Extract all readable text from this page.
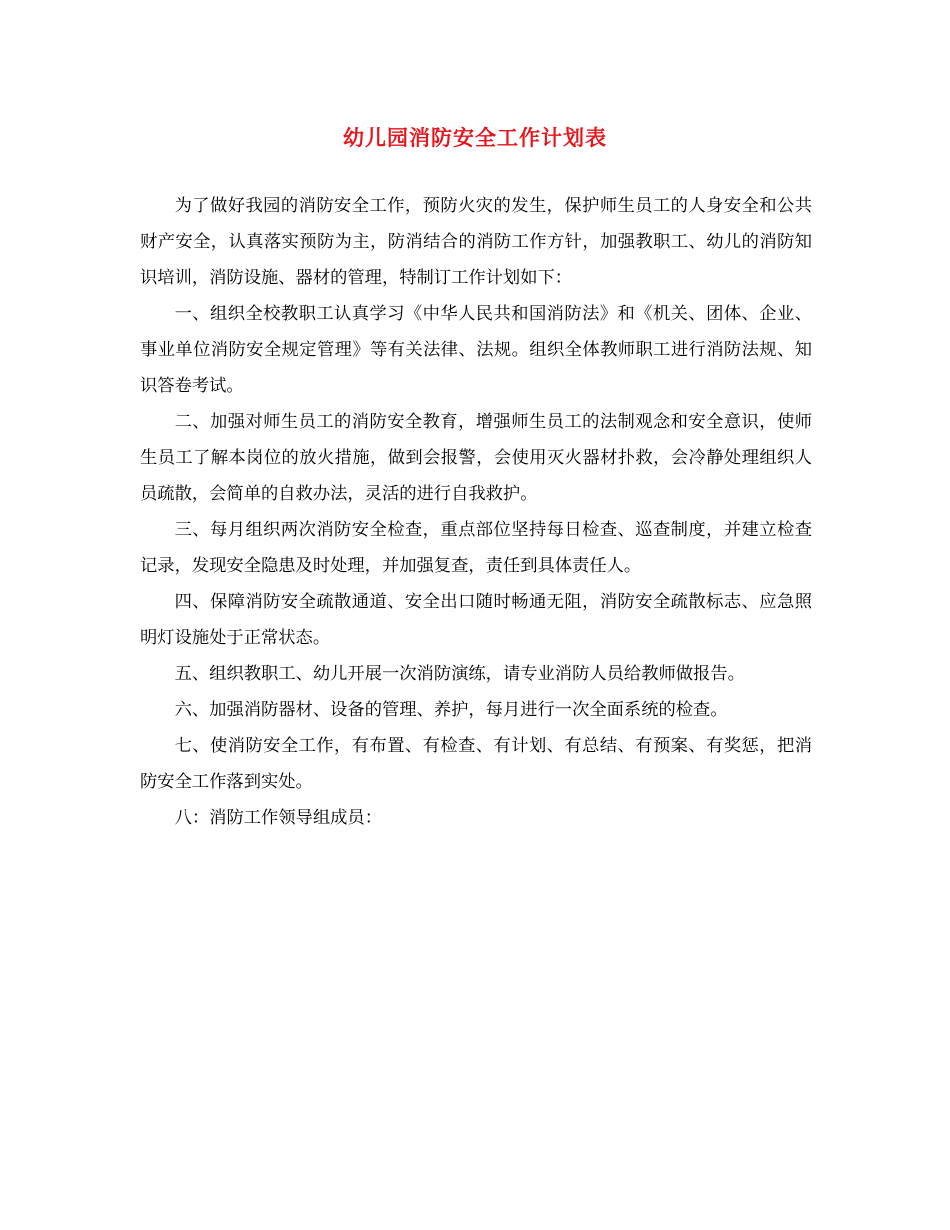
幼儿园消防安全工作计划表

为了做好我园的消防安全工作，预防火灾的发生，保护师生员工的人身安全和公共财产安全，认真落实预防为主，防消结合的消防工作方针，加强教职工、幼儿的消防知识培训，消防设施、器材的管理，特制订工作计划如下：

一、组织全校教职工认真学习《中华人民共和国消防法》和《机关、团体、企业、事业单位消防安全规定管理》等有关法律、法规。组织全体教师职工进行消防法规、知识答卷考试。

二、加强对师生员工的消防安全教育，增强师生员工的法制观念和安全意识，使师生员工了解本岗位的放火措施，做到会报警，会使用灭火器材扑救，会冷静处理组织人员疏散，会简单的自救办法，灵活的进行自我救护。

三、每月组织两次消防安全检查，重点部位坚持每日检查、巡查制度，并建立检查记录，发现安全隐患及时处理，并加强复查，责任到具体责任人。

四、保障消防安全疏散通道、安全出口随时畅通无阻，消防安全疏散标志、应急照明灯设施处于正常状态。

五、组织教职工、幼儿开展一次消防演练，请专业消防人员给教师做报告。

六、加强消防器材、设备的管理、养护，每月进行一次全面系统的检查。

七、使消防安全工作，有布置、有检查、有计划、有总结、有预案、有奖惩，把消防安全工作落到实处。

八：消防工作领导组成员：
